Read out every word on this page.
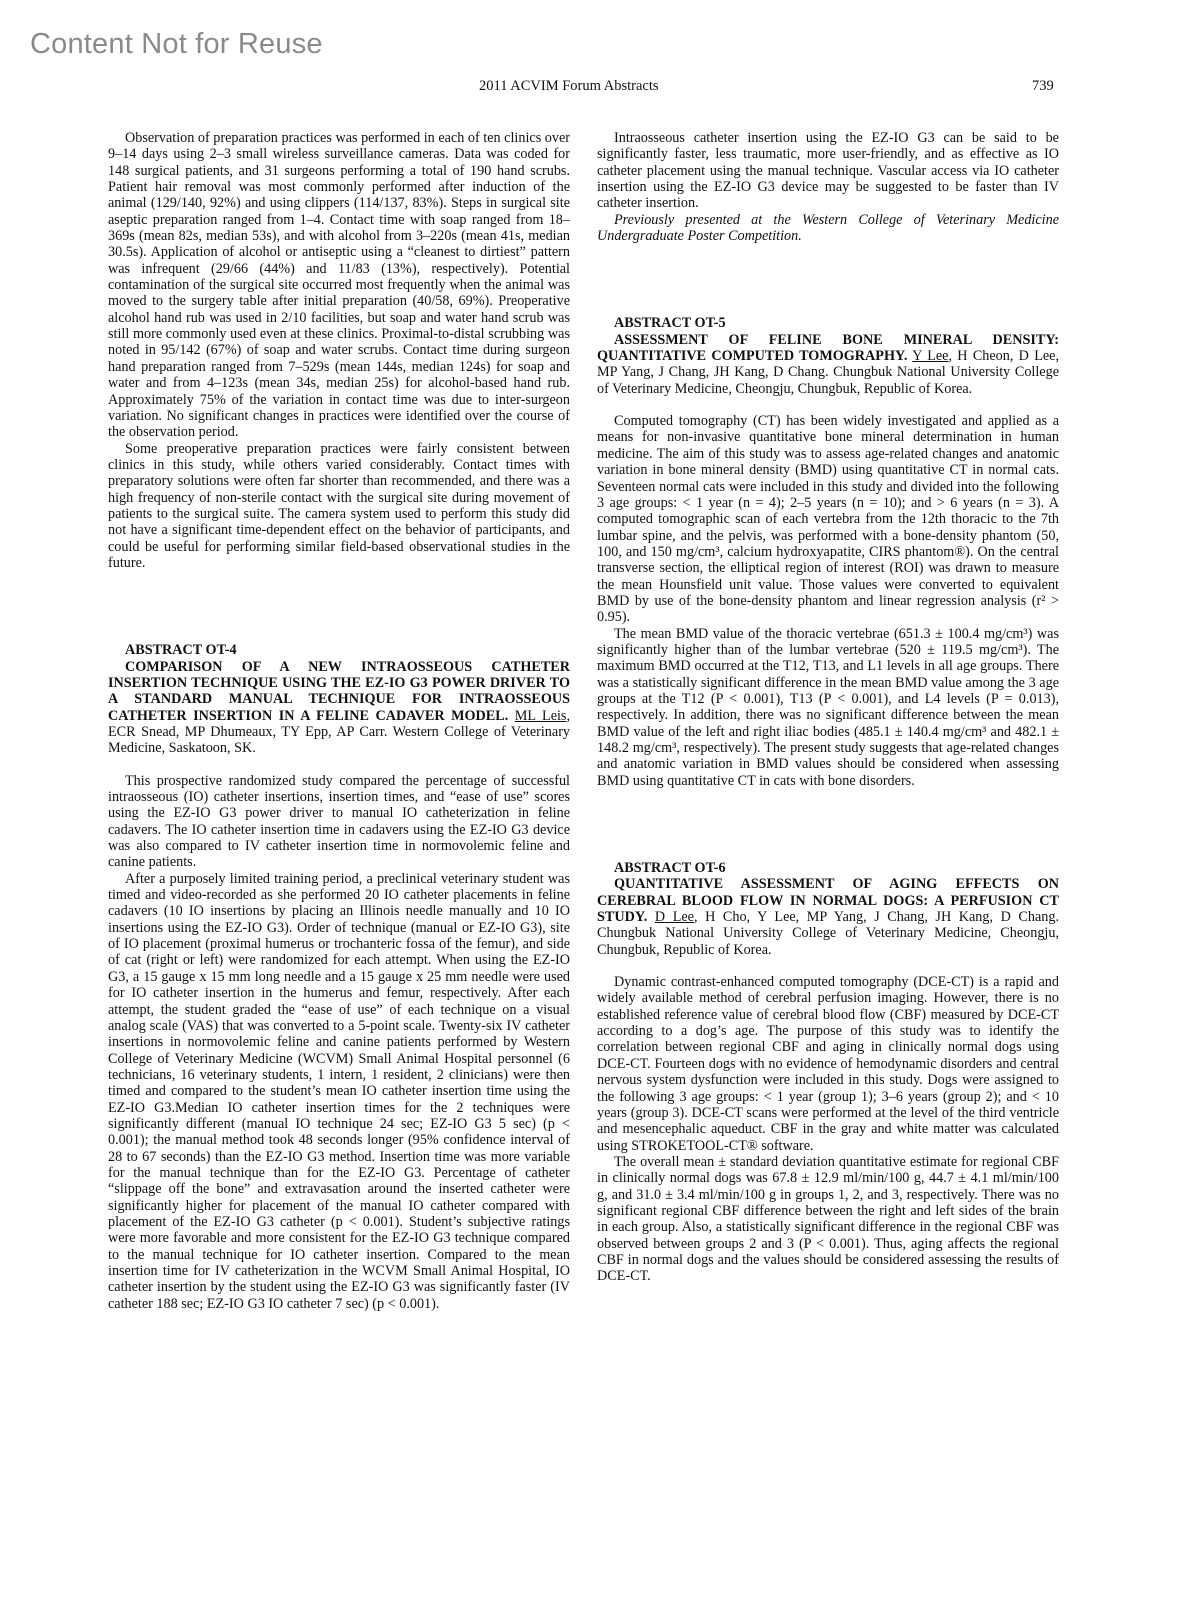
Content Not for Reuse
2011 ACVIM Forum Abstracts	739

Observation of preparation practices was performed in each of ten clinics over 9–14 days using 2–3 small wireless surveillance cameras. Data was coded for 148 surgical patients, and 31 surgeons performing a total of 190 hand scrubs. Patient hair removal was most commonly performed after induction of the animal (129/140, 92%) and using clippers (114/137, 83%). Steps in surgical site aseptic preparation ranged from 1–4. Contact time with soap ranged from 18–369s (mean 82s, median 53s), and with alcohol from 3–220s (mean 41s, median 30.5s). Application of alcohol or antiseptic using a “cleanest to dirtiest” pattern was infrequent (29/66 (44%) and 11/83 (13%), respectively). Potential contamination of the surgical site occurred most frequently when the animal was moved to the surgery table after initial preparation (40/58, 69%). Preoperative alcohol hand rub was used in 2/10 facilities, but soap and water hand scrub was still more commonly used even at these clinics. Proximal-to-distal scrubbing was noted in 95/142 (67%) of soap and water scrubs. Contact time during surgeon hand preparation ranged from 7–529s (mean 144s, median 124s) for soap and water and from 4–123s (mean 34s, median 25s) for alcohol-based hand rub. Approximately 75% of the variation in contact time was due to inter-surgeon variation. No significant changes in practices were identified over the course of the observation period.

Some preoperative preparation practices were fairly consistent between clinics in this study, while others varied considerably. Contact times with preparatory solutions were often far shorter than recommended, and there was a high frequency of non-sterile contact with the surgical site during movement of patients to the surgical suite. The camera system used to perform this study did not have a significant time-dependent effect on the behavior of participants, and could be useful for performing similar field-based observational studies in the future.

ABSTRACT OT-4

COMPARISON OF A NEW INTRAOSSEOUS CATHETER INSERTION TECHNIQUE USING THE EZ-IO G3 POWER DRIVER TO A STANDARD MANUAL TECHNIQUE FOR INTRAOSSEOUS CATHETER INSERTION IN A FELINE CADAVER MODEL. ML Leis, ECR Snead, MP Dhumeaux, TY Epp, AP Carr. Western College of Veterinary Medicine, Saskatoon, SK.

This prospective randomized study compared the percentage of successful intraosseous (IO) catheter insertions, insertion times, and “ease of use” scores using the EZ-IO G3 power driver to manual IO catheterization in feline cadavers. The IO catheter insertion time in cadavers using the EZ-IO G3 device was also compared to IV catheter insertion time in normovolemic feline and canine patients.

After a purposely limited training period, a preclinical veterinary student was timed and video-recorded as she performed 20 IO catheter placements in feline cadavers (10 IO insertions by placing an Illinois needle manually and 10 IO insertions using the EZ-IO G3). Order of technique (manual or EZ-IO G3), site of IO placement (proximal humerus or trochanteric fossa of the femur), and side of cat (right or left) were randomized for each attempt. When using the EZ-IO G3, a 15 gauge x 15 mm long needle and a 15 gauge x 25 mm needle were used for IO catheter insertion in the humerus and femur, respectively. After each attempt, the student graded the “ease of use” of each technique on a visual analog scale (VAS) that was converted to a 5-point scale. Twenty-six IV catheter insertions in normovolemic feline and canine patients performed by Western College of Veterinary Medicine (WCVM) Small Animal Hospital personnel (6 technicians, 16 veterinary students, 1 intern, 1 resident, 2 clinicians) were then timed and compared to the student’s mean IO catheter insertion time using the EZ-IO G3.Median IO catheter insertion times for the 2 techniques were significantly different (manual IO technique 24 sec; EZ-IO G3 5 sec) (p < 0.001); the manual method took 48 seconds longer (95% confidence interval of 28 to 67 seconds) than the EZ-IO G3 method. Insertion time was more variable for the manual technique than for the EZ-IO G3. Percentage of catheter “slippage off the bone” and extravasation around the inserted catheter were significantly higher for placement of the manual IO catheter compared with placement of the EZ-IO G3 catheter (p < 0.001). Student’s subjective ratings were more favorable and more consistent for the EZ-IO G3 technique compared to the manual technique for IO catheter insertion. Compared to the mean insertion time for IV catheterization in the WCVM Small Animal Hospital, IO catheter insertion by the student using the EZ-IO G3 was significantly faster (IV catheter 188 sec; EZ-IO G3 IO catheter 7 sec) (p < 0.001).

Intraosseous catheter insertion using the EZ-IO G3 can be said to be significantly faster, less traumatic, more user-friendly, and as effective as IO catheter placement using the manual technique. Vascular access via IO catheter insertion using the EZ-IO G3 device may be suggested to be faster than IV catheter insertion.

Previously presented at the Western College of Veterinary Medicine Undergraduate Poster Competition.

ABSTRACT OT-5

ASSESSMENT OF FELINE BONE MINERAL DENSITY: QUANTITATIVE COMPUTED TOMOGRAPHY. Y Lee, H Cheon, D Lee, MP Yang, J Chang, JH Kang, D Chang. Chungbuk National University College of Veterinary Medicine, Cheongju, Chungbuk, Republic of Korea.

Computed tomography (CT) has been widely investigated and applied as a means for non-invasive quantitative bone mineral determination in human medicine. The aim of this study was to assess age-related changes and anatomic variation in bone mineral density (BMD) using quantitative CT in normal cats. Seventeen normal cats were included in this study and divided into the following 3 age groups: < 1 year (n = 4); 2–5 years (n = 10); and > 6 years (n = 3). A computed tomographic scan of each vertebra from the 12th thoracic to the 7th lumbar spine, and the pelvis, was performed with a bone-density phantom (50, 100, and 150 mg/cm³, calcium hydroxyapatite, CIRS phantom®). On the central transverse section, the elliptical region of interest (ROI) was drawn to measure the mean Hounsfield unit value. Those values were converted to equivalent BMD by use of the bone-density phantom and linear regression analysis (r² > 0.95).

The mean BMD value of the thoracic vertebrae (651.3 ± 100.4 mg/cm³) was significantly higher than of the lumbar vertebrae (520 ± 119.5 mg/cm³). The maximum BMD occurred at the T12, T13, and L1 levels in all age groups. There was a statistically significant difference in the mean BMD value among the 3 age groups at the T12 (P < 0.001), T13 (P < 0.001), and L4 levels (P = 0.013), respectively. In addition, there was no significant difference between the mean BMD value of the left and right iliac bodies (485.1 ± 140.4 mg/cm³ and 482.1 ± 148.2 mg/cm³, respectively). The present study suggests that age-related changes and anatomic variation in BMD values should be considered when assessing BMD using quantitative CT in cats with bone disorders.

ABSTRACT OT-6

QUANTITATIVE ASSESSMENT OF AGING EFFECTS ON CEREBRAL BLOOD FLOW IN NORMAL DOGS: A PERFUSION CT STUDY. D Lee, H Cho, Y Lee, MP Yang, J Chang, JH Kang, D Chang. Chungbuk National University College of Veterinary Medicine, Cheongju, Chungbuk, Republic of Korea.

Dynamic contrast-enhanced computed tomography (DCE-CT) is a rapid and widely available method of cerebral perfusion imaging. However, there is no established reference value of cerebral blood flow (CBF) measured by DCE-CT according to a dog’s age. The purpose of this study was to identify the correlation between regional CBF and aging in clinically normal dogs using DCE-CT. Fourteen dogs with no evidence of hemodynamic disorders and central nervous system dysfunction were included in this study. Dogs were assigned to the following 3 age groups: < 1 year (group 1); 3–6 years (group 2); and < 10 years (group 3). DCE-CT scans were performed at the level of the third ventricle and mesencephalic aqueduct. CBF in the gray and white matter was calculated using STROKETOOL-CT® software.

The overall mean ± standard deviation quantitative estimate for regional CBF in clinically normal dogs was 67.8 ± 12.9 ml/min/100 g, 44.7 ± 4.1 ml/min/100 g, and 31.0 ± 3.4 ml/min/100 g in groups 1, 2, and 3, respectively. There was no significant regional CBF difference between the right and left sides of the brain in each group. Also, a statistically significant difference in the regional CBF was observed between groups 2 and 3 (P < 0.001). Thus, aging affects the regional CBF in normal dogs and the values should be considered assessing the results of DCE-CT.
